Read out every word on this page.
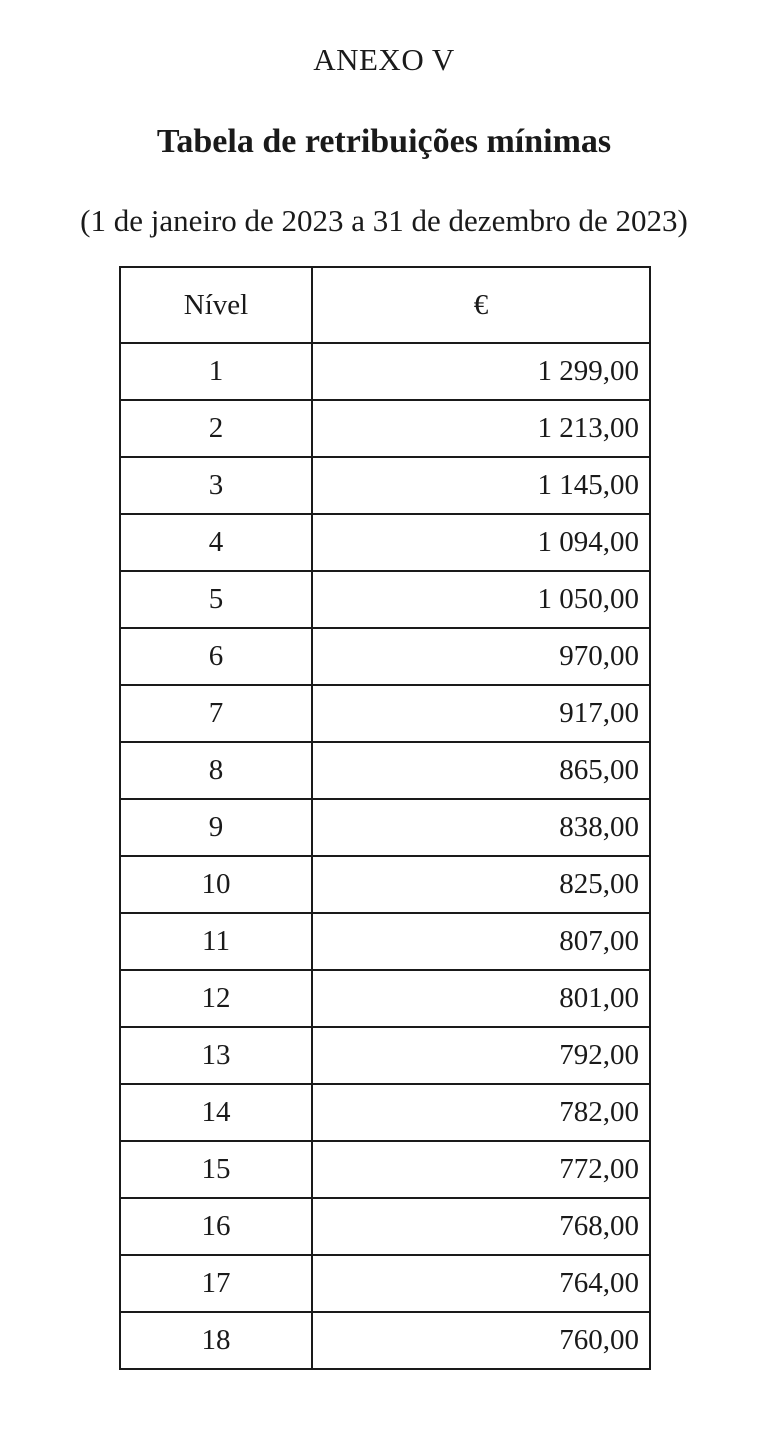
ANEXO V
Tabela de retribuições mínimas
(1 de janeiro de 2023 a 31 de dezembro de 2023)
Nível	€
1	1 299,00
2	1 213,00
3	1 145,00
4	1 094,00
5	1 050,00
6	970,00
7	917,00
8	865,00
9	838,00
10	825,00
11	807,00
12	801,00
13	792,00
14	782,00
15	772,00
16	768,00
17	764,00
18	760,00
